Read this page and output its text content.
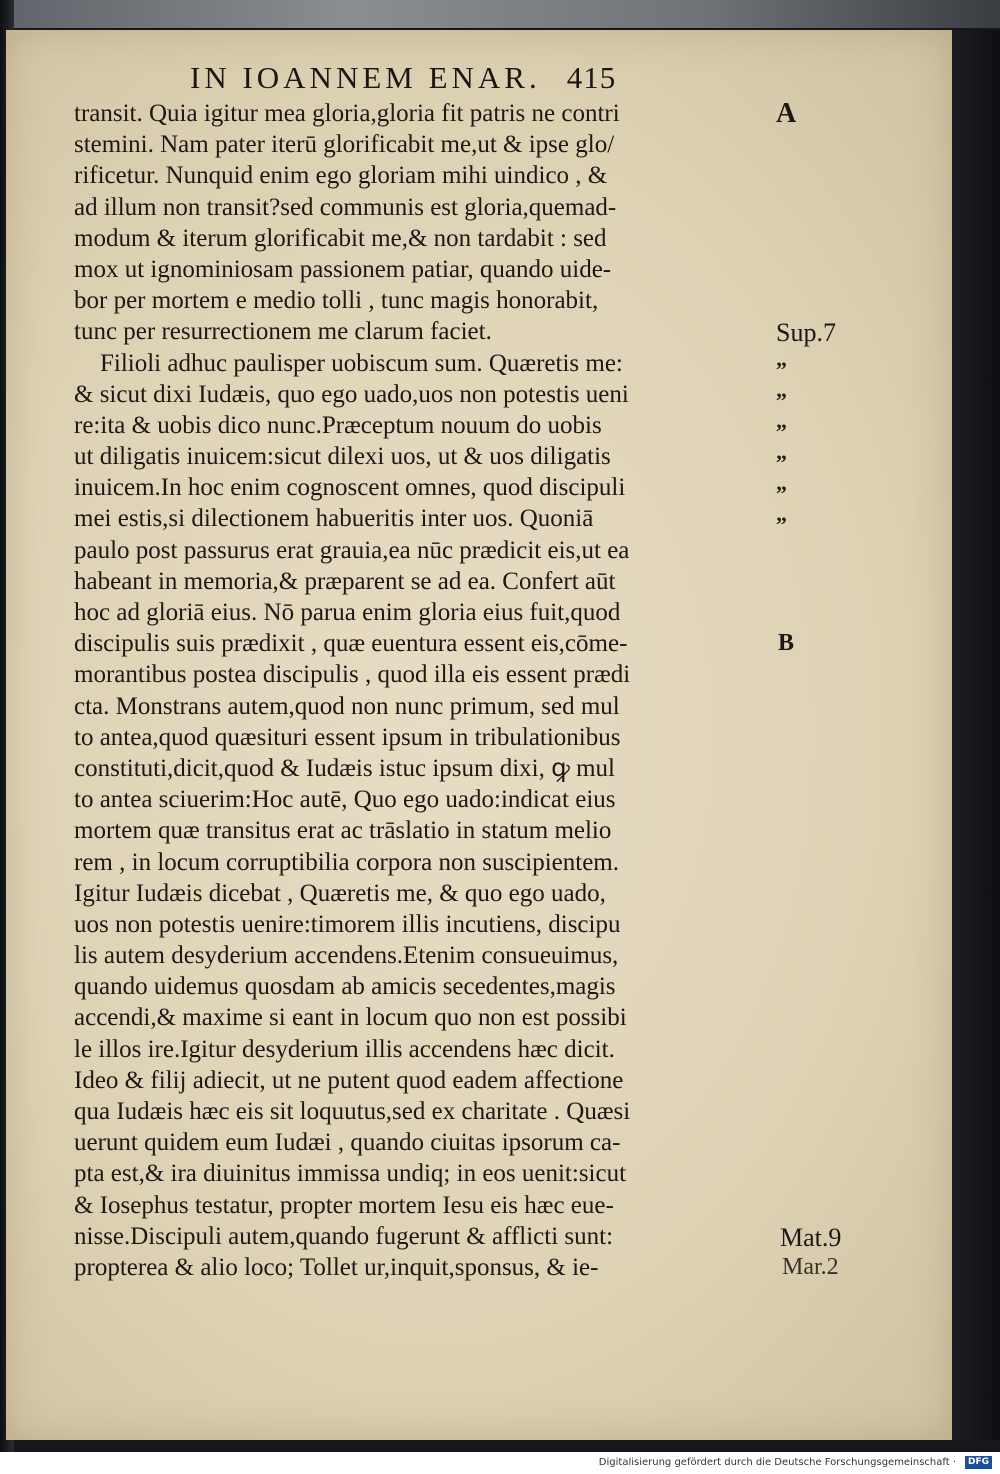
IN IOANNEM ENAR. 415
transit. Quia igitur mea gloria,gloria fit patris ne contri
stemini. Nam pater iterū glorificabit me,ut & ipse glo/
rificetur. Nunquid enim ego gloriam mihi uindico , &
ad illum non transit?sed communis est gloria,quemad-
modum & iterum glorificabit me,& non tardabit : sed
mox ut ignominiosam passionem patiar, quando uide-
bor per mortem e medio tolli , tunc magis honorabit,
tunc per resurrectionem me clarum faciet.
Filioli adhuc paulisper uobiscum sum. Quæretis me:
& sicut dixi Iudæis, quo ego uado,uos non potestis ueni
re:ita & uobis dico nunc.Præceptum nouum do uobis
ut diligatis inuicem:sicut dilexi uos, ut & uos diligatis
inuicem.In hoc enim cognoscent omnes, quod discipuli
mei estis,si dilectionem habueritis inter uos. Quoniā
paulo post passurus erat grauia,ea nūc prædicit eis,ut ea
habeant in memoria,& præparent se ad ea. Confert aūt
hoc ad gloriā eius. Nō parua enim gloria eius fuit,quod
discipulis suis prædixit , quæ euentura essent eis,cōme-
morantibus postea discipulis , quod illa eis essent prædi
cta. Monstrans autem,quod non nunc primum, sed mul
to antea,quod quæsituri essent ipsum in tribulationibus
constituti,dicit,quod & Iudæis istuc ipsum dixi, ꝙ mul
to antea sciuerim:Hoc autē, Quo ego uado:indicat eius
mortem quæ transitus erat ac trāslatio in statum melio
rem , in locum corruptibilia corpora non suscipientem.
Igitur Iudæis dicebat , Quæretis me, & quo ego uado,
uos non potestis uenire:timorem illis incutiens, discipu
lis autem desyderium accendens.Etenim consueuimus,
quando uidemus quosdam ab amicis secedentes,magis
accendi,& maxime si eant in locum quo non est possibi
le illos ire.Igitur desyderium illis accendens hæc dicit.
Ideo & filij adiecit, ut ne putent quod eadem affectione
qua Iudæis hæc eis sit loquutus,sed ex charitate . Quæsi
uerunt quidem eum Iudæi , quando ciuitas ipsorum ca-
pta est,& ira diuinitus immissa undiq; in eos uenit:sicut
& Iosephus testatur, propter mortem Iesu eis hæc eue-
nisse.Discipuli autem,quando fugerunt & afflicti sunt:
propterea & alio loco; Tollet ur,inquit,sponsus, & ie-
A
B
Sup.7
Mat.9
Mar.2
„
„
„
„
„
„
Digitalisierung gefördert durch die Deutsche Forschungsgemeinschaft ·	DFG
